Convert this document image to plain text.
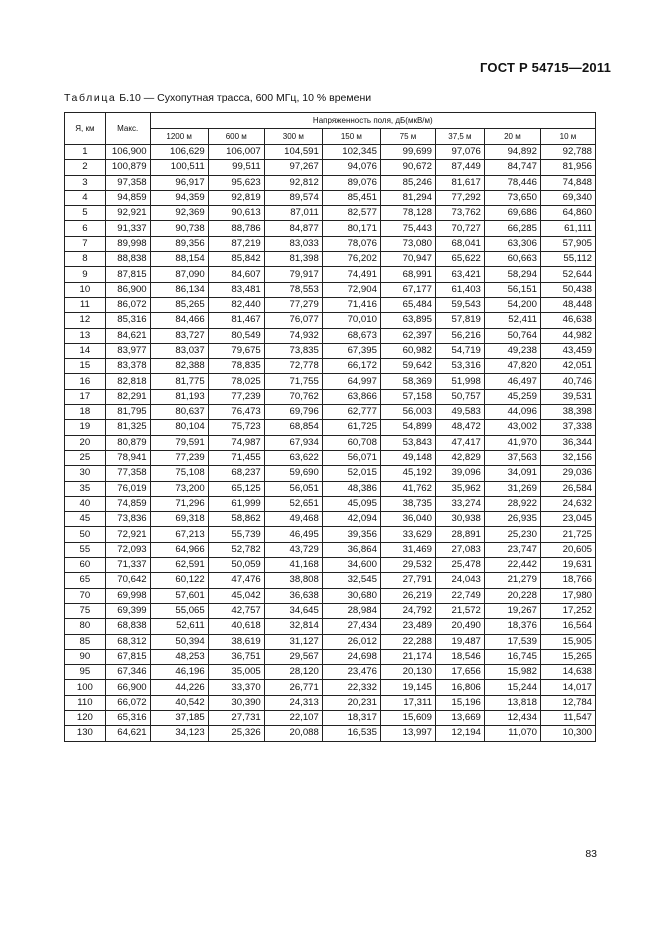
ГОСТ Р 54715—2011
Таблица Б.10 — Сухопутная трасса, 600 МГц, 10 % времени
Я, км	Макс.	Напряженность поля, дБ(мкВ/м)							
		1200 м	600 м	300 м	150 м	75 м	37,5 м	20 м	10 м
1	106,900	106,629	106,007	104,591	102,345	99,699	97,076	94,892	92,788
2	100,879	100,511	99,511	97,267	94,076	90,672	87,449	84,747	81,956
3	97,358	96,917	95,623	92,812	89,076	85,246	81,617	78,446	74,848
4	94,859	94,359	92,819	89,574	85,451	81,294	77,292	73,650	69,340
5	92,921	92,369	90,613	87,011	82,577	78,128	73,762	69,686	64,860
6	91,337	90,738	88,786	84,877	80,171	75,443	70,727	66,285	61,111
7	89,998	89,356	87,219	83,033	78,076	73,080	68,041	63,306	57,905
8	88,838	88,154	85,842	81,398	76,202	70,947	65,622	60,663	55,112
9	87,815	87,090	84,607	79,917	74,491	68,991	63,421	58,294	52,644
10	86,900	86,134	83,481	78,553	72,904	67,177	61,403	56,151	50,438
11	86,072	85,265	82,440	77,279	71,416	65,484	59,543	54,200	48,448
12	85,316	84,466	81,467	76,077	70,010	63,895	57,819	52,411	46,638
13	84,621	83,727	80,549	74,932	68,673	62,397	56,216	50,764	44,982
14	83,977	83,037	79,675	73,835	67,395	60,982	54,719	49,238	43,459
15	83,378	82,388	78,835	72,778	66,172	59,642	53,316	47,820	42,051
16	82,818	81,775	78,025	71,755	64,997	58,369	51,998	46,497	40,746
17	82,291	81,193	77,239	70,762	63,866	57,158	50,757	45,259	39,531
18	81,795	80,637	76,473	69,796	62,777	56,003	49,583	44,096	38,398
19	81,325	80,104	75,723	68,854	61,725	54,899	48,472	43,002	37,338
20	80,879	79,591	74,987	67,934	60,708	53,843	47,417	41,970	36,344
25	78,941	77,239	71,455	63,622	56,071	49,148	42,829	37,563	32,156
30	77,358	75,108	68,237	59,690	52,015	45,192	39,096	34,091	29,036
35	76,019	73,200	65,125	56,051	48,386	41,762	35,962	31,269	26,584
40	74,859	71,296	61,999	52,651	45,095	38,735	33,274	28,922	24,632
45	73,836	69,318	58,862	49,468	42,094	36,040	30,938	26,935	23,045
50	72,921	67,213	55,739	46,495	39,356	33,629	28,891	25,230	21,725
55	72,093	64,966	52,782	43,729	36,864	31,469	27,083	23,747	20,605
60	71,337	62,591	50,059	41,168	34,600	29,532	25,478	22,442	19,631
65	70,642	60,122	47,476	38,808	32,545	27,791	24,043	21,279	18,766
70	69,998	57,601	45,042	36,638	30,680	26,219	22,749	20,228	17,980
75	69,399	55,065	42,757	34,645	28,984	24,792	21,572	19,267	17,252
80	68,838	52,611	40,618	32,814	27,434	23,489	20,490	18,376	16,564
85	68,312	50,394	38,619	31,127	26,012	22,288	19,487	17,539	15,905
90	67,815	48,253	36,751	29,567	24,698	21,174	18,546	16,745	15,265
95	67,346	46,196	35,005	28,120	23,476	20,130	17,656	15,982	14,638
100	66,900	44,226	33,370	26,771	22,332	19,145	16,806	15,244	14,017
110	66,072	40,542	30,390	24,313	20,231	17,311	15,196	13,818	12,784
120	65,316	37,185	27,731	22,107	18,317	15,609	13,669	12,434	11,547
130	64,621	34,123	25,326	20,088	16,535	13,997	12,194	11,070	10,300
83
